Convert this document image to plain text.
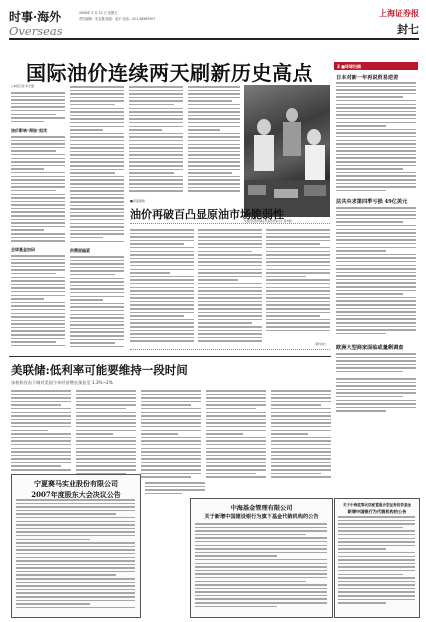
时事·海外
Overseas
2008年 2 月 22 日 星期五
责任编辑：朱志强 版面：赵平 电话：021-38967007
上海证券报
封七
国际油价连续两天刷新历史高点
○本报记者 朱志强
油价影响"滞胀"担忧
全球基金加码	供需面偏紧
交易员在纽约商业交易所交易大厅 资料图
■资深观察
油价再破百凸显原油市场脆弱性
（新华社）
3 ■环球扫描
日本对新一年再说贸易逆差
法共央求第四季亏损 49亿美元
欧洲大型商家面临或量剩调查
美联储:低利率可能要维持一段时间
该机构宣布下调对美国今年经济增长预估至 1.3%~2%
宁夏赛马实业股份有限公司
2007年度股东大会决议公告
中海基金管理有限公司
关于新增中国建设银行为旗下基金代销机构的公告
关于中海蓝筹灵活配置混合型证券投资基金
新增中国银行为代销机构的公告
